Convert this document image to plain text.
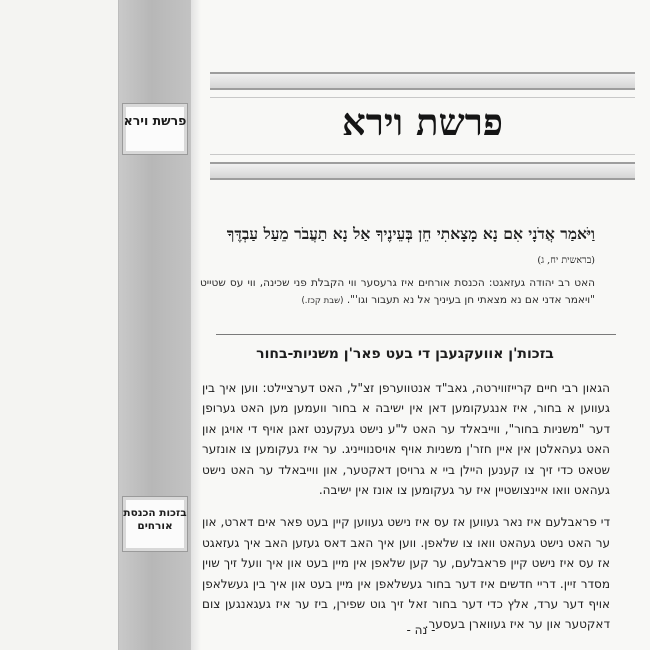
פרשת וירא
בזכות הכנסת אורחים
פרשת וירא
וַיֹּאמַר אֲדֹנָי אִם נָא מָצָאתִי חֵן בְּעֵינֶיךָ אַל נָא תַעֲבֹר מֵעַל עַבְדֶּךָ (בראשית יח, ג)
האט רב יהודה געזאגט: הכנסת אורחים איז גרעסער ווי הקבלת פני שכינה, ווי עס שטייט "ויאמר אדני אם נא מצאתי חן בעיניך אל נא תעבור וגו'". (שבת קכז.)
בזכות'ן אוועקגעבן די בעט פאר'ן משניות-בחור

הגאון רבי חיים קרייזווירטה, גאב"ד אנטווערפן זצ"ל, האט דערציילט: ווען איך בין געווען א בחור, איז אנגעקומען דאן אין ישיבה א בחור וועמען מען האט גערופן דער "משניות בחור", ווייבאלד ער האט ל"ע נישט געקענט זאגן אויף די אויגן און האט געהאלטן אין איין חזר'ן משניות אויף אויסנווייניג. ער איז געקומען צו אונזער שטאט כדי זיך צו קענען היילן ביי א גרויסן דאקטער, און ווייבאלד ער האט נישט געהאט וואו איינצושטיין איז ער געקומען צו אונז אין ישיבה.

די פראבלעם איז נאר געווען אז עס איז נישט געווען קיין בעט פאר אים דארט, און ער האט נישט געהאט וואו צו שלאפן. ווען איך האב דאס געזען האב איך געזאגט אז עס איז נישט קיין פראבלעם, ער קען שלאפן אין מיין בעט און איך וועל זיך שוין מסדר זיין. דריי חדשים איז דער בחור געשלאפן אין מיין בעט און איך בין געשלאפן אויף דער ערד, אלץ כדי דער בחור זאל זיך גוט שפירן, ביז ער איז געגאנגען צום דאקטער און ער איז געווארן בעסער.

- נה -
